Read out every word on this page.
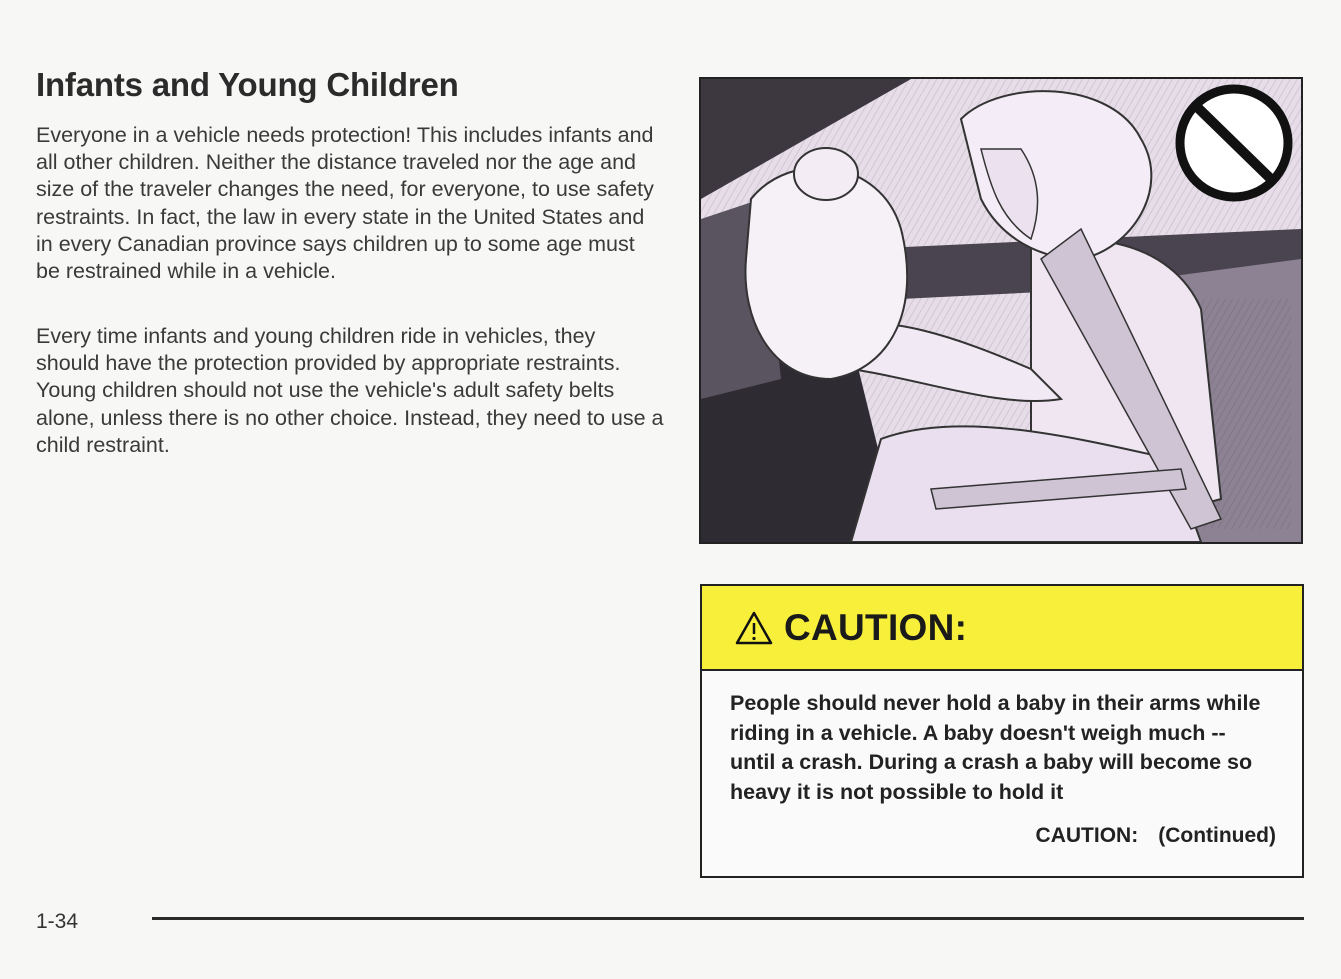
Infants and Young Children

Everyone in a vehicle needs protection! This includes infants and all other children. Neither the distance traveled nor the age and size of the traveler changes the need, for everyone, to use safety restraints. In fact, the law in every state in the United States and in every Canadian province says children up to some age must be restrained while in a vehicle.

Every time infants and young children ride in vehicles, they should have the protection provided by appropriate restraints. Young children should not use the vehicle's adult safety belts alone, unless there is no other choice. Instead, they need to use a child restraint.

CAUTION:

People should never hold a baby in their arms while riding in a vehicle. A baby doesn't weigh much -- until a crash. During a crash a baby will become so heavy it is not possible to hold it

CAUTION: (Continued)
1-34
